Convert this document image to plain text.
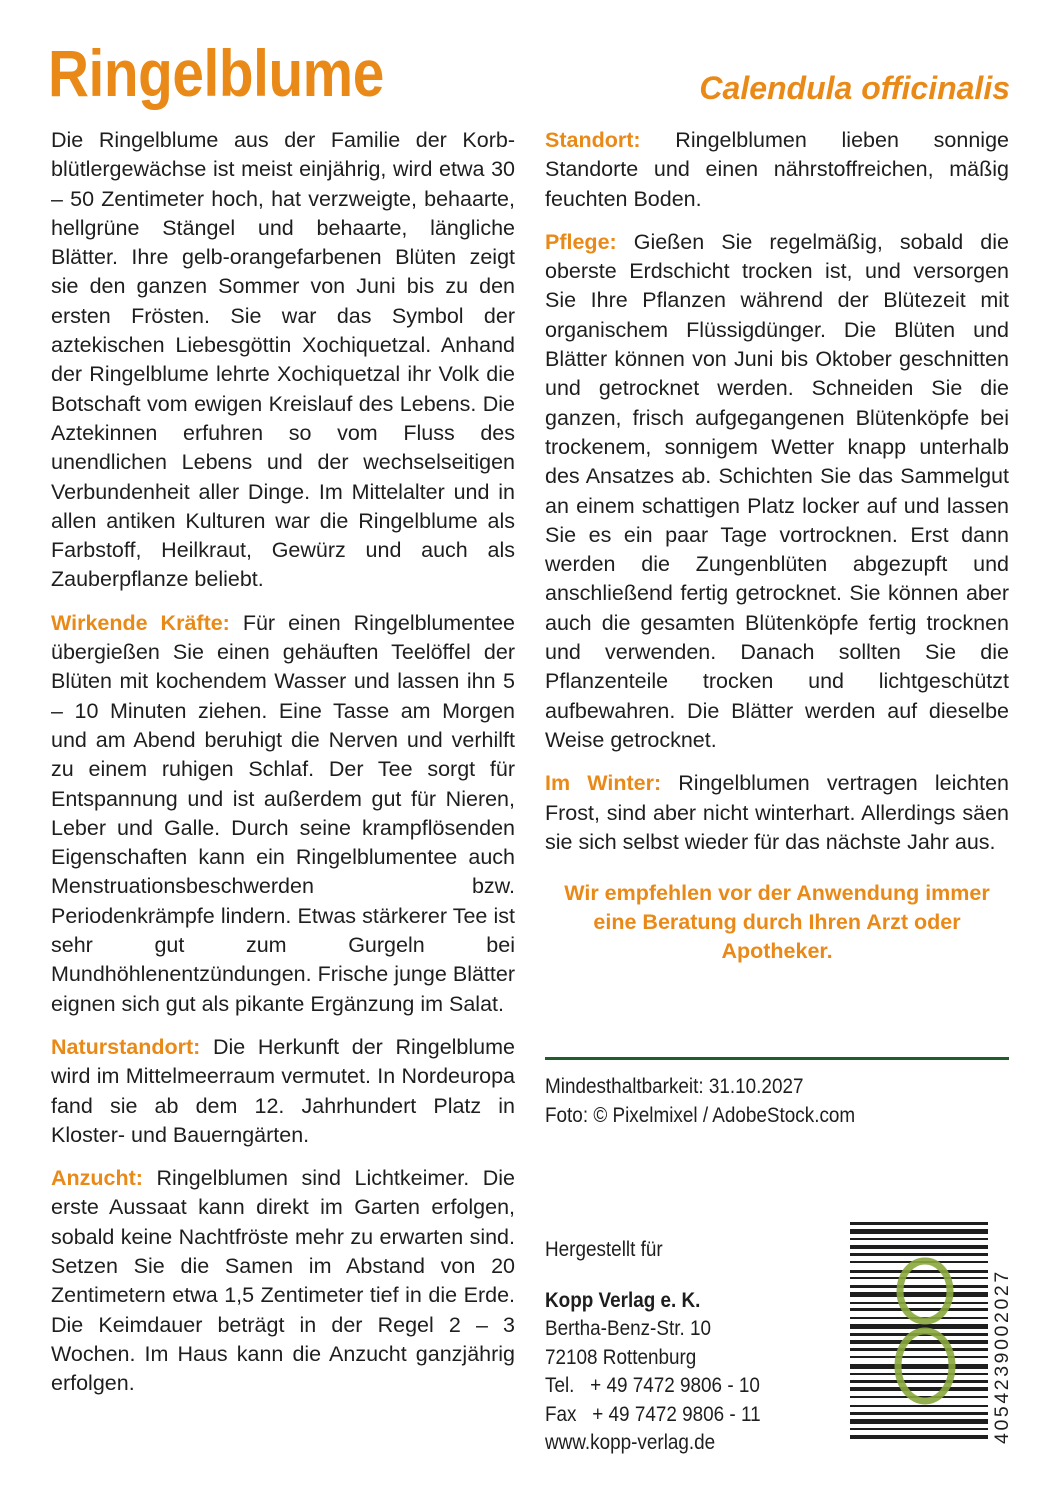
Ringelblume	Calendula officinalis

Die Ringelblume aus der Familie der Korbblütlergewächse ist meist einjährig, wird etwa 30 – 50 Zentimeter hoch, hat verzweigte, behaarte, hellgrüne Stängel und behaarte, längliche Blätter. Ihre gelb-orangefarbenen Blüten zeigt sie den ganzen Sommer von Juni bis zu den ersten Frösten. Sie war das Symbol der aztekischen Liebesgöttin Xochiquetzal. Anhand der Ringelblume lehrte Xochiquetzal ihr Volk die Botschaft vom ewigen Kreislauf des Lebens. Die Aztekinnen erfuhren so vom Fluss des unendlichen Lebens und der wechselseitigen Verbundenheit aller Dinge. Im Mittelalter und in allen antiken Kulturen war die Ringelblume als Farbstoff, Heilkraut, Gewürz und auch als Zauberpflanze beliebt.

Wirkende Kräfte: Für einen Ringelblumentee übergießen Sie einen gehäuften Teelöffel der Blüten mit kochendem Wasser und lassen ihn 5 – 10 Minuten ziehen. Eine Tasse am Morgen und am Abend beruhigt die Nerven und verhilft zu einem ruhigen Schlaf. Der Tee sorgt für Entspannung und ist außerdem gut für Nieren, Leber und Galle. Durch seine krampflösenden Eigenschaften kann ein Ringelblumentee auch Menstruationsbeschwerden bzw. Periodenkrämpfe lindern. Etwas stärkerer Tee ist sehr gut zum Gurgeln bei Mundhöhlenentzündungen. Frische junge Blätter eignen sich gut als pikante Ergänzung im Salat.

Naturstandort: Die Herkunft der Ringelblume wird im Mittelmeerraum vermutet. In Nordeuropa fand sie ab dem 12. Jahrhundert Platz in Kloster- und Bauerngärten.

Anzucht: Ringelblumen sind Lichtkeimer. Die erste Aussaat kann direkt im Garten erfolgen, sobald keine Nachtfröste mehr zu erwarten sind. Setzen Sie die Samen im Abstand von 20 Zentimetern etwa 1,5 Zentimeter tief in die Erde. Die Keimdauer beträgt in der Regel 2 – 3 Wochen. Im Haus kann die Anzucht ganzjährig erfolgen.

Standort: Ringelblumen lieben sonnige Standorte und einen nährstoffreichen, mäßig feuchten Boden.

Pflege: Gießen Sie regelmäßig, sobald die oberste Erdschicht trocken ist, und versorgen Sie Ihre Pflanzen während der Blütezeit mit organischem Flüssigdünger. Die Blüten und Blätter können von Juni bis Oktober geschnitten und getrocknet werden. Schneiden Sie die ganzen, frisch aufgegangenen Blütenköpfe bei trockenem, sonnigem Wetter knapp unterhalb des Ansatzes ab. Schichten Sie das Sammelgut an einem schattigen Platz locker auf und lassen Sie es ein paar Tage vortrocknen. Erst dann werden die Zungenblüten abgezupft und anschließend fertig getrocknet. Sie können aber auch die gesamten Blütenköpfe fertig trocknen und verwenden. Danach sollten Sie die Pflanzenteile trocken und lichtgeschützt aufbewahren. Die Blätter werden auf dieselbe Weise getrocknet.

Im Winter: Ringelblumen vertragen leichten Frost, sind aber nicht winterhart. Allerdings säen sie sich selbst wieder für das nächste Jahr aus.

Wir empfehlen vor der Anwendung immer eine Beratung durch Ihren Arzt oder Apotheker.
Mindesthaltbarkeit: 31.10.2027
Foto: © Pixelmixel / AdobeStock.com
Hergestellt für
Kopp Verlag e. K.
Bertha-Benz-Str. 10
72108 Rottenburg
Tel.   + 49 7472 9806 - 10
Fax   + 49 7472 9806 - 11
www.kopp-verlag.de	4054239002027
